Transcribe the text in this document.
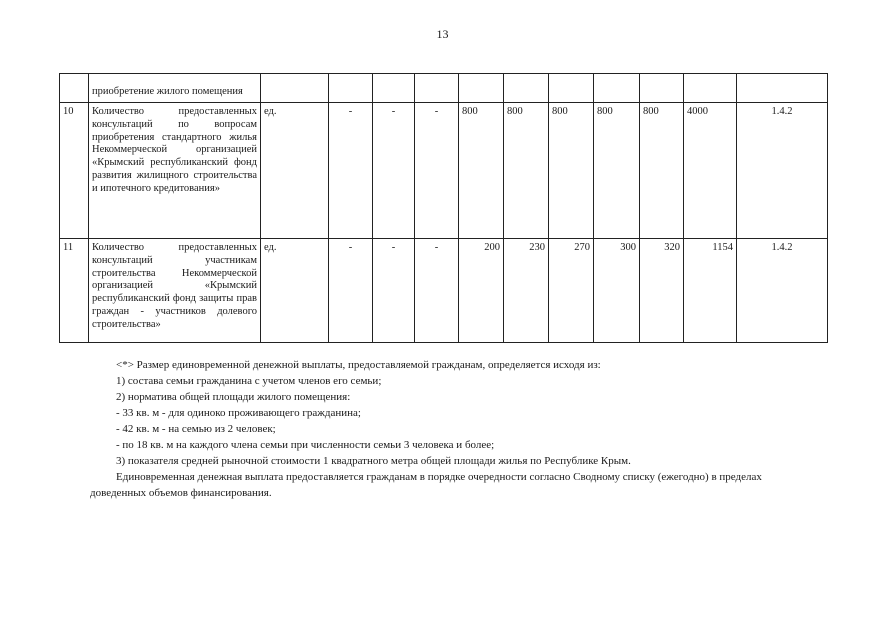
13
	приобретение жилого помещения											
10	Количество предоставленных консультаций по вопросам приобретения стандартного жилья Некоммерческой организацией «Крымский республиканский фонд развития жилищного строительства и ипотечного кредитования»	ед.	-	-	-	800	800	800	800	800	4000	1.4.2
11	Количество предоставленных консультаций участникам строительства Некоммерческой организацией «Крымский республиканский фонд защиты прав граждан - участников долевого строительства»	ед.	-	-	-	200	230	270	300	320	1154	1.4.2

<*> Размер единовременной денежной выплаты, предоставляемой гражданам, определяется исходя из:

1) состава семьи гражданина с учетом членов его семьи;

2) норматива общей площади жилого помещения:

- 33 кв. м - для одиноко проживающего гражданина;

- 42 кв. м - на семью из 2 человек;

- по 18 кв. м на каждого члена семьи при численности семьи 3 человека и более;

3) показателя средней рыночной стоимости 1 квадратного метра общей площади жилья по Республике Крым.

Единовременная денежная выплата предоставляется гражданам в порядке очередности согласно Сводному списку (ежегодно) в пределах доведенных объемов финансирования.
